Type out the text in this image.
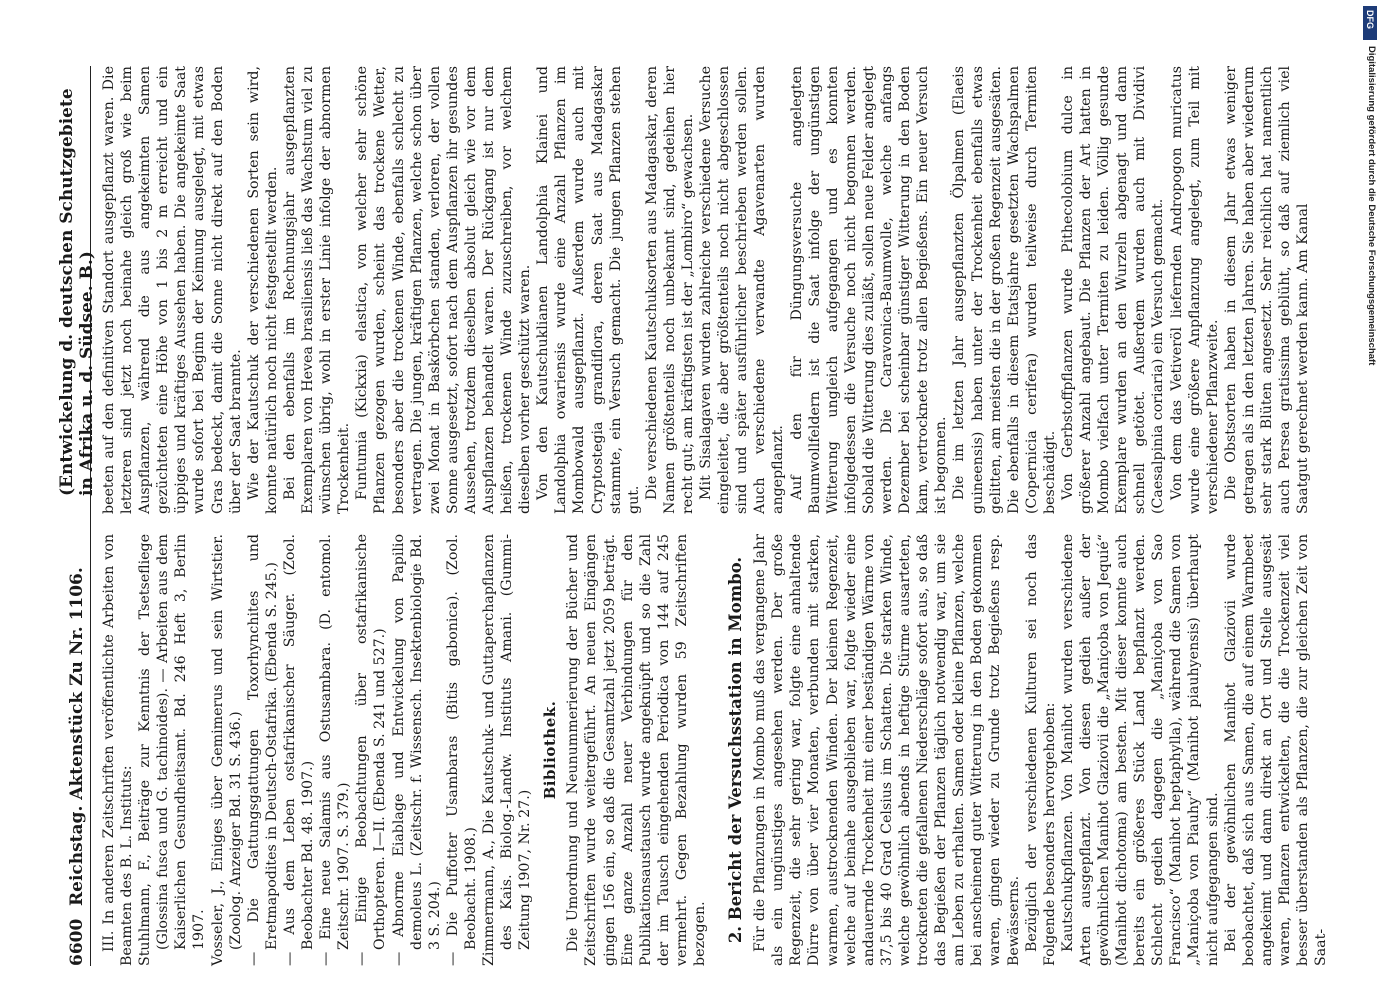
6600
Reichstag. Aktenstück Zu Nr. 1106.
(Entwickelung d. deutschen Schutzgebiete in Afrika u. d. Südsee. B.)

III. In anderen Zeitschriften veröffentlichte Arbeiten von Beamten des B. L. Instituts: Stuhlmann, F., Beiträge zur Kenntnis der Tsetsefliege (Glossina fusca und G. tachinoides). — Arbeiten aus dem Kaiserlichen Gesundheitsamt. Bd. 246 Heft 3, Berlin 1907. Vosseler, J., Einiges über Gemimerus und sein Wirtstier. (Zoolog. Anzeiger Bd. 31 S. 436.) — Die Gattungsgattungen Toxorhynchites und Eretmapodites in Deutsch-Ostafrika. (Ebenda S. 245.) — Aus dem Leben ostafrikanischer Säuger. (Zool. Beobachter Bd. 48. 1907.) — Eine neue Salamis aus Ostusambara. (D. entomol. Zeitschr. 1907. S. 379.) — Einige Beobachtungen über ostafrikanische Orthopteren. I—II. (Ebenda S. 241 und 527.) — Abnorme Eiablage und Entwickelung von Papilio demoleus L. (Zeitschr. f. Wissensch. Insektenbiologie Bd. 3 S. 204.) — Die Puffotter Usambaras (Bitis gabonica). (Zool. Beobacht. 1908.) Zimmermann, A., Die Kautschuk- und Guttaperchapflanzen des Kais. Biolog.-Landw. Instituts Amani. (Gummi-Zeitung 1907, Nr. 27.)

Bibliothek. Die Umordnung und Neunummerierung der Bücher und Zeitschriften wurde weitergeführt. An neuen Eingängen gingen 156 ein, so daß die Gesamtzahl jetzt 2059 beträgt. Eine ganze Anzahl neuer Verbindungen für den Publikationsaustausch wurde angeknüpft und so die Zahl der im Tausch eingehenden Periodica von 144 auf 245 vermehrt. Gegen Bezahlung wurden 59 Zeitschriften bezogen. 2. Bericht der Versuchsstation in Mombo. Für die Pflanzungen in Mombo muß das vergangene Jahr als ein ungünstiges angesehen werden. Der große Regenzeit, die sehr gering war, folgte eine anhaltende Dürre von über vier Monaten, verbunden mit starken, warmen, austrocknenden Winden. Der kleinen Regenzeit, welche auf beinahe ausgeblieben war, folgte wieder eine andauernde Trockenheit mit einer beständigen Wärme von 37,5 bis 40 Grad Celsius im Schatten. Die starken Winde, welche gewöhnlich abends in heftige Stürme ausarteten, trockneten die gefallenen Niederschläge sofort aus, so daß das Begießen der Pflanzen täglich notwendig war, um sie am Leben zu erhalten. Samen oder kleine Pflanzen, welche bei anscheinend guter Witterung in den Boden gekommen waren, gingen wieder zu Grunde trotz Begießens resp. Bewässerns. Bezüglich der verschiedenen Kulturen sei noch das Folgende besonders hervorgehoben: Kautschukpflanzen. Von Manihot wurden verschiedene Arten ausgepflanzt. Von diesen gedieh außer der gewöhnlichen Manihot Glaziovii die „Maniçoba von Jequié“ (Manihot dichotoma) am besten. Mit dieser konnte auch bereits ein größeres Stück Land bepflanzt werden. Schlecht gedieh dagegen die „Maniçoba von Sao Francisco“ (Manihot heptaphylla), während die Samen von „Maniçoba von Piauhy“ (Manihot piauhyensis) überhaupt nicht aufgegangen sind. Bei der gewöhnlichen Manihot Glaziovii wurde beobachtet, daß sich aus Samen, die auf einem Warmbeet angekeimt und dann direkt an Ort und Stelle ausgesät waren, Pflanzen entwickelten, die die Trockenzeit viel besser überstanden als Pflanzen, die zur gleichen Zeit von Saat-

beeten auf den definitiven Standort ausgepflanzt waren. Die letzteren sind jetzt noch beinahe gleich groß wie beim Auspflanzen, während die aus angekeimten Samen gezüchteten eine Höhe von 1 bis 2 m erreicht und ein üppiges und kräftiges Aussehen haben. Die angekeimte Saat wurde sofort bei Beginn der Keimung ausgelegt, mit etwas Gras bedeckt, damit die Sonne nicht direkt auf den Boden über der Saat brannte. Wie der Kautschuk der verschiedenen Sorten sein wird, konnte natürlich noch nicht festgestellt werden. Bei den ebenfalls im Rechnungsjahr ausgepflanzten Exemplaren von Hevea brasiliensis ließ das Wachstum viel zu wünschen übrig, wohl in erster Linie infolge der abnormen Trockenheit. Funtumia (Kickxia) elastica, von welcher sehr schöne Pflanzen gezogen wurden, scheint das trockene Wetter, besonders aber die trockenen Winde, ebenfalls schlecht zu vertragen. Die jungen, kräftigen Pflanzen, welche schon über zwei Monat in Baskörbchen standen, verloren, der vollen Sonne ausgesetzt, sofort nach dem Auspflanzen ihr gesundes Aussehen, trotzdem dieselben absolut gleich wie vor dem Auspflanzen behandelt waren. Der Rückgang ist nur dem heißen, trockenen Winde zuzuschreiben, vor welchem dieselben vorher geschützt waren. Von den Kautschuklianen Landolphia Klainei und Landolphia owariensis wurde eine Anzahl Pflanzen im Mombowald ausgepflanzt. Außerdem wurde auch mit Cryptostegia grandiflora, deren Saat aus Madagaskar stammte, ein Versuch gemacht. Die jungen Pflanzen stehen gut. Die verschiedenen Kautschuksorten aus Madagaskar, deren Namen größtenteils noch unbekannt sind, gedeihen hier recht gut; am kräftigsten ist der „Lombiro“ gewachsen. Mit Sisalagaven wurden zahlreiche verschiedene Versuche eingeleitet, die aber größtenteils noch nicht abgeschlossen sind und später ausführlicher beschrieben werden sollen. Auch verschiedene verwandte Agavenarten wurden angepflanzt. Auf den für Düngungsversuche angelegten Baumwollfeldern ist die Saat infolge der ungünstigen Witterung ungleich aufgegangen und es konnten infolgedessen die Versuche noch nicht begonnen werden. Sobald die Witterung dies zuläßt, sollen neue Felder angelegt werden. Die Caravonica-Baumwolle, welche anfangs Dezember bei scheinbar günstiger Witterung in den Boden kam, vertrocknete trotz allen Begießens. Ein neuer Versuch ist begonnen. Die im letzten Jahr ausgepflanzten Ölpalmen (Elaeis guineensis) haben unter der Trockenheit ebenfalls etwas gelitten, am meisten die in der großen Regenzeit ausgesäten. Die ebenfalls in diesem Etatsjahre gesetzten Wachspalmen (Copernicia cerifera) wurden teilweise durch Termiten beschädigt. Von Gerbstoffpflanzen wurde Pithecolobium dulce in größerer Anzahl angebaut. Die Pflanzen der Art hatten in Mombo vielfach unter Termiten zu leiden. Völlig gesunde Exemplare wurden an den Wurzeln abgenagt und dann schnell getötet. Außerdem wurden auch mit Dividivi (Caesalpinia coriaria) ein Versuch gemacht. Von dem das Vetiveröl liefernden Andropogon muricatus wurde eine größere Anpflanzung angelegt, zum Teil mit verschiedener Pflanzweite. Die Obstsorten haben in diesem Jahr etwas weniger getragen als in den letzten Jahren. Sie haben aber wiederum sehr stark Blüten angesetzt. Sehr reichlich hat namentlich auch Persea gratissima geblüht, so daß auf ziemlich viel Saatgut gerechnet werden kann. Am Kanal

DFG
Digitalisierung gefördert durch die Deutsche Forschungsgemeinschaft
